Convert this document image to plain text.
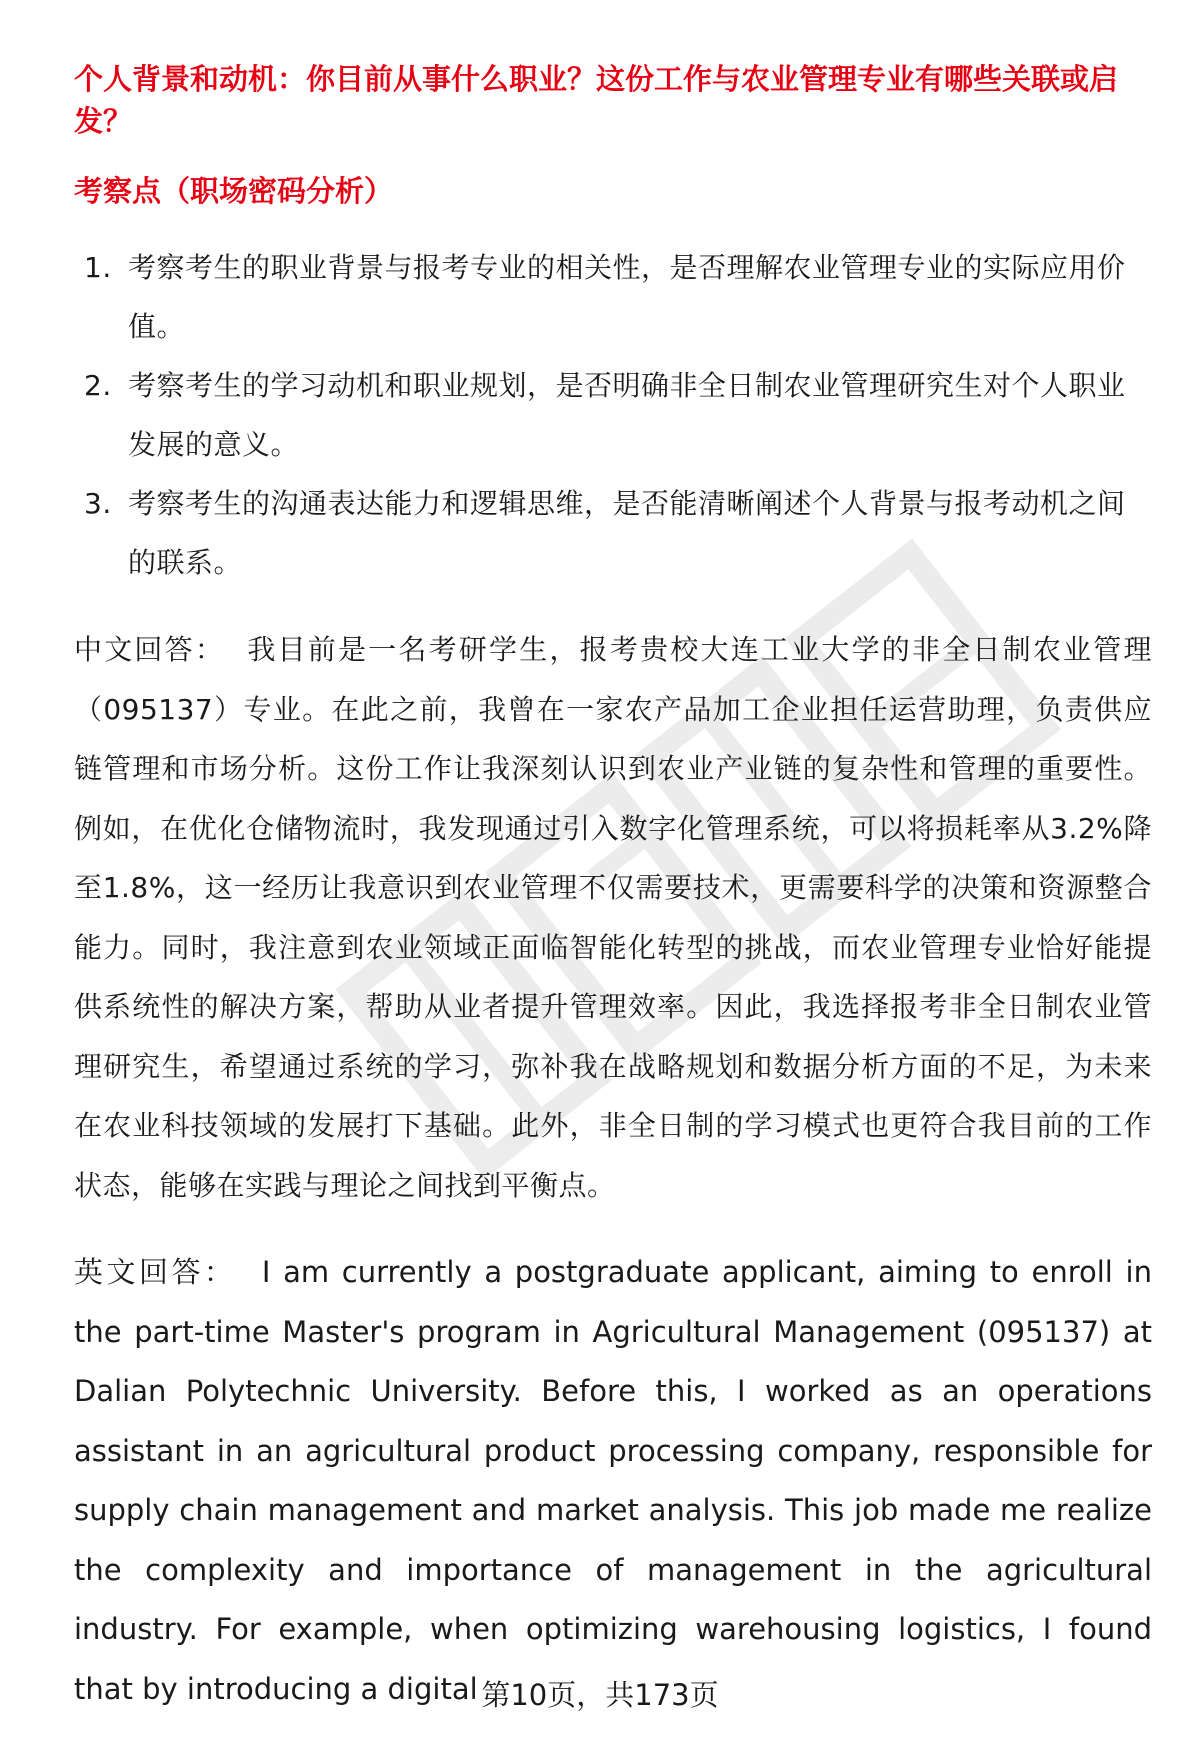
个人背景和动机：你目前从事什么职业？这份工作与农业管理专业有哪些关联或启发？

考察点（职场密码分析）

1. 考察考生的职业背景与报考专业的相关性，是否理解农业管理专业的实际应用价值。
2. 考察考生的学习动机和职业规划，是否明确非全日制农业管理研究生对个人职业发展的意义。
3. 考察考生的沟通表达能力和逻辑思维，是否能清晰阐述个人背景与报考动机之间的联系。

中文回答： 我目前是一名考研学生，报考贵校大连工业大学的非全日制农业管理（095137）专业。在此之前，我曾在一家农产品加工企业担任运营助理，负责供应链管理和市场分析。这份工作让我深刻认识到农业产业链的复杂性和管理的重要性。例如，在优化仓储物流时，我发现通过引入数字化管理系统，可以将损耗率从3.2%降至1.8%，这一经历让我意识到农业管理不仅需要技术，更需要科学的决策和资源整合能力。同时，我注意到农业领域正面临智能化转型的挑战，而农业管理专业恰好能提供系统性的解决方案，帮助从业者提升管理效率。因此，我选择报考非全日制农业管理研究生，希望通过系统的学习，弥补我在战略规划和数据分析方面的不足，为未来在农业科技领域的发展打下基础。此外，非全日制的学习模式也更符合我目前的工作状态，能够在实践与理论之间找到平衡点。

英文回答： I am currently a postgraduate applicant, aiming to enroll in the part-time Master's program in Agricultural Management (095137) at Dalian Polytechnic University. Before this, I worked as an operations assistant in an agricultural product processing company, responsible for supply chain management and market analysis. This job made me realize the complexity and importance of management in the agricultural industry. For example, when optimizing warehousing logistics, I found that by introducing a digital 第10页，共173页
